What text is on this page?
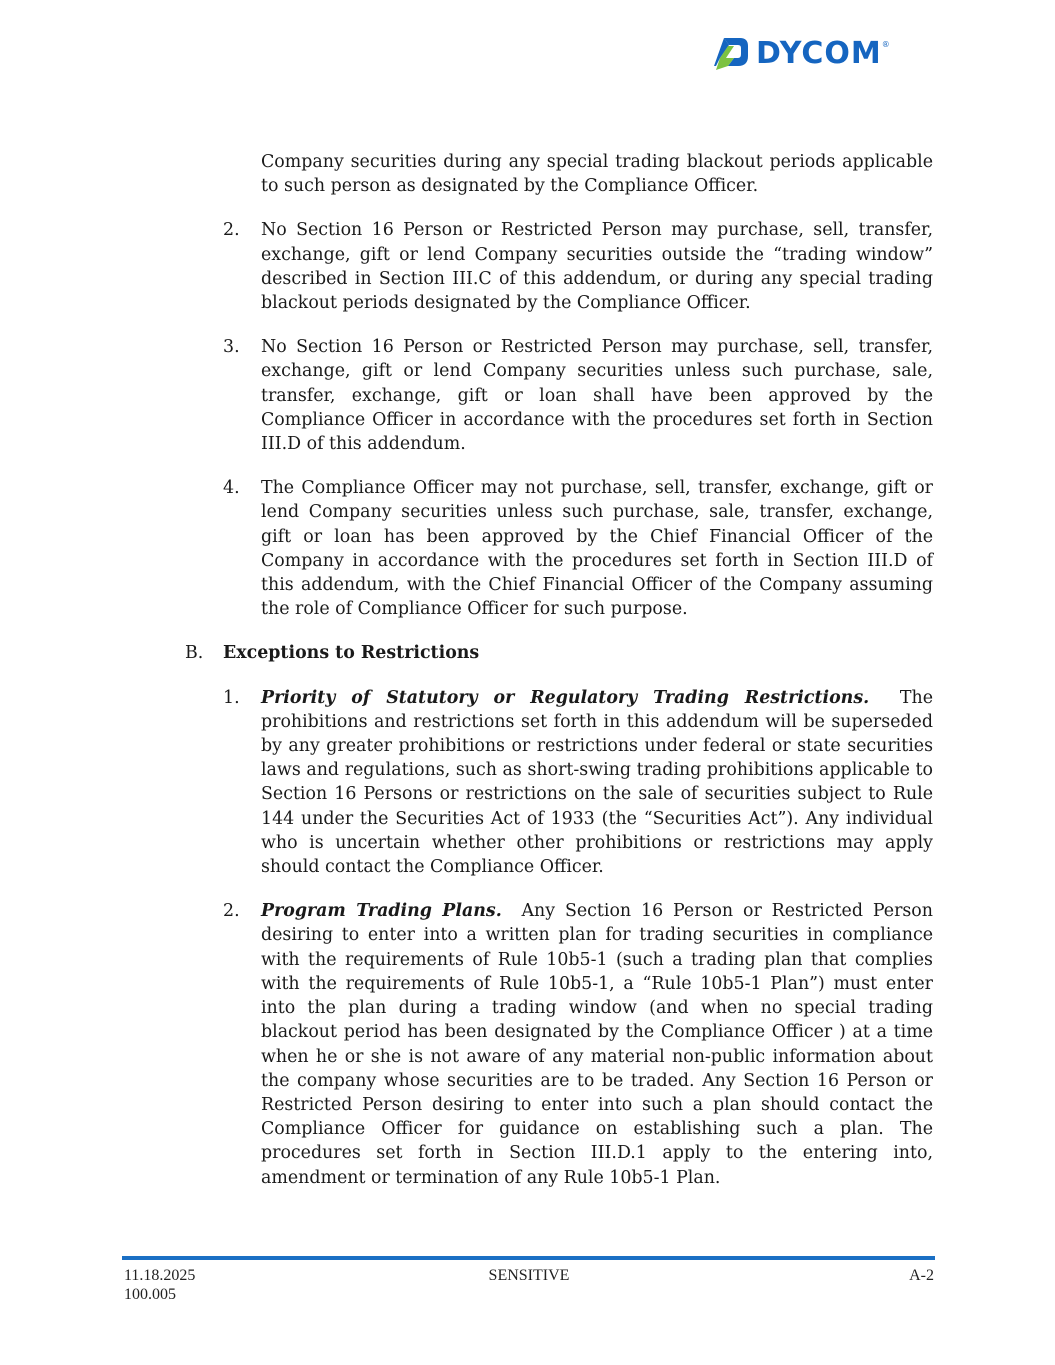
DYCOM ®

Company securities during any special trading blackout periods applicable to such person as designated by the Compliance Officer.

2. No Section 16 Person or Restricted Person may purchase, sell, transfer, exchange, gift or lend Company securities outside the “trading window” described in Section III.C of this addendum, or during any special trading blackout periods designated by the Compliance Officer.
3. No Section 16 Person or Restricted Person may purchase, sell, transfer, exchange, gift or lend Company securities unless such purchase, sale, transfer, exchange, gift or loan shall have been approved by the Compliance Officer in accordance with the procedures set forth in Section III.D of this addendum.
4. The Compliance Officer may not purchase, sell, transfer, exchange, gift or lend Company securities unless such purchase, sale, transfer, exchange, gift or loan has been approved by the Chief Financial Officer of the Company in accordance with the procedures set forth in Section III.D of this addendum, with the Chief Financial Officer of the Company assuming the role of Compliance Officer for such purpose.
B. Exceptions to Restrictions
1. Priority of Statutory or Regulatory Trading Restrictions. The prohibitions and restrictions set forth in this addendum will be superseded by any greater prohibitions or restrictions under federal or state securities laws and regulations, such as short-swing trading prohibitions applicable to Section 16 Persons or restrictions on the sale of securities subject to Rule 144 under the Securities Act of 1933 (the “Securities Act”). Any individual who is uncertain whether other prohibitions or restrictions may apply should contact the Compliance Officer.
2. Program Trading Plans. Any Section 16 Person or Restricted Person desiring to enter into a written plan for trading securities in compliance with the requirements of Rule 10b5-1 (such a trading plan that complies with the requirements of Rule 10b5-1, a “Rule 10b5-1 Plan”) must enter into the plan during a trading window (and when no special trading blackout period has been designated by the Compliance Officer ) at a time when he or she is not aware of any material non-public information about the company whose securities are to be traded. Any Section 16 Person or Restricted Person desiring to enter into such a plan should contact the Compliance Officer for guidance on establishing such a plan. The procedures set forth in Section III.D.1 apply to the entering into, amendment or termination of any Rule 10b5-1 Plan.
11.18.2025
100.005
SENSITIVE	A-2
